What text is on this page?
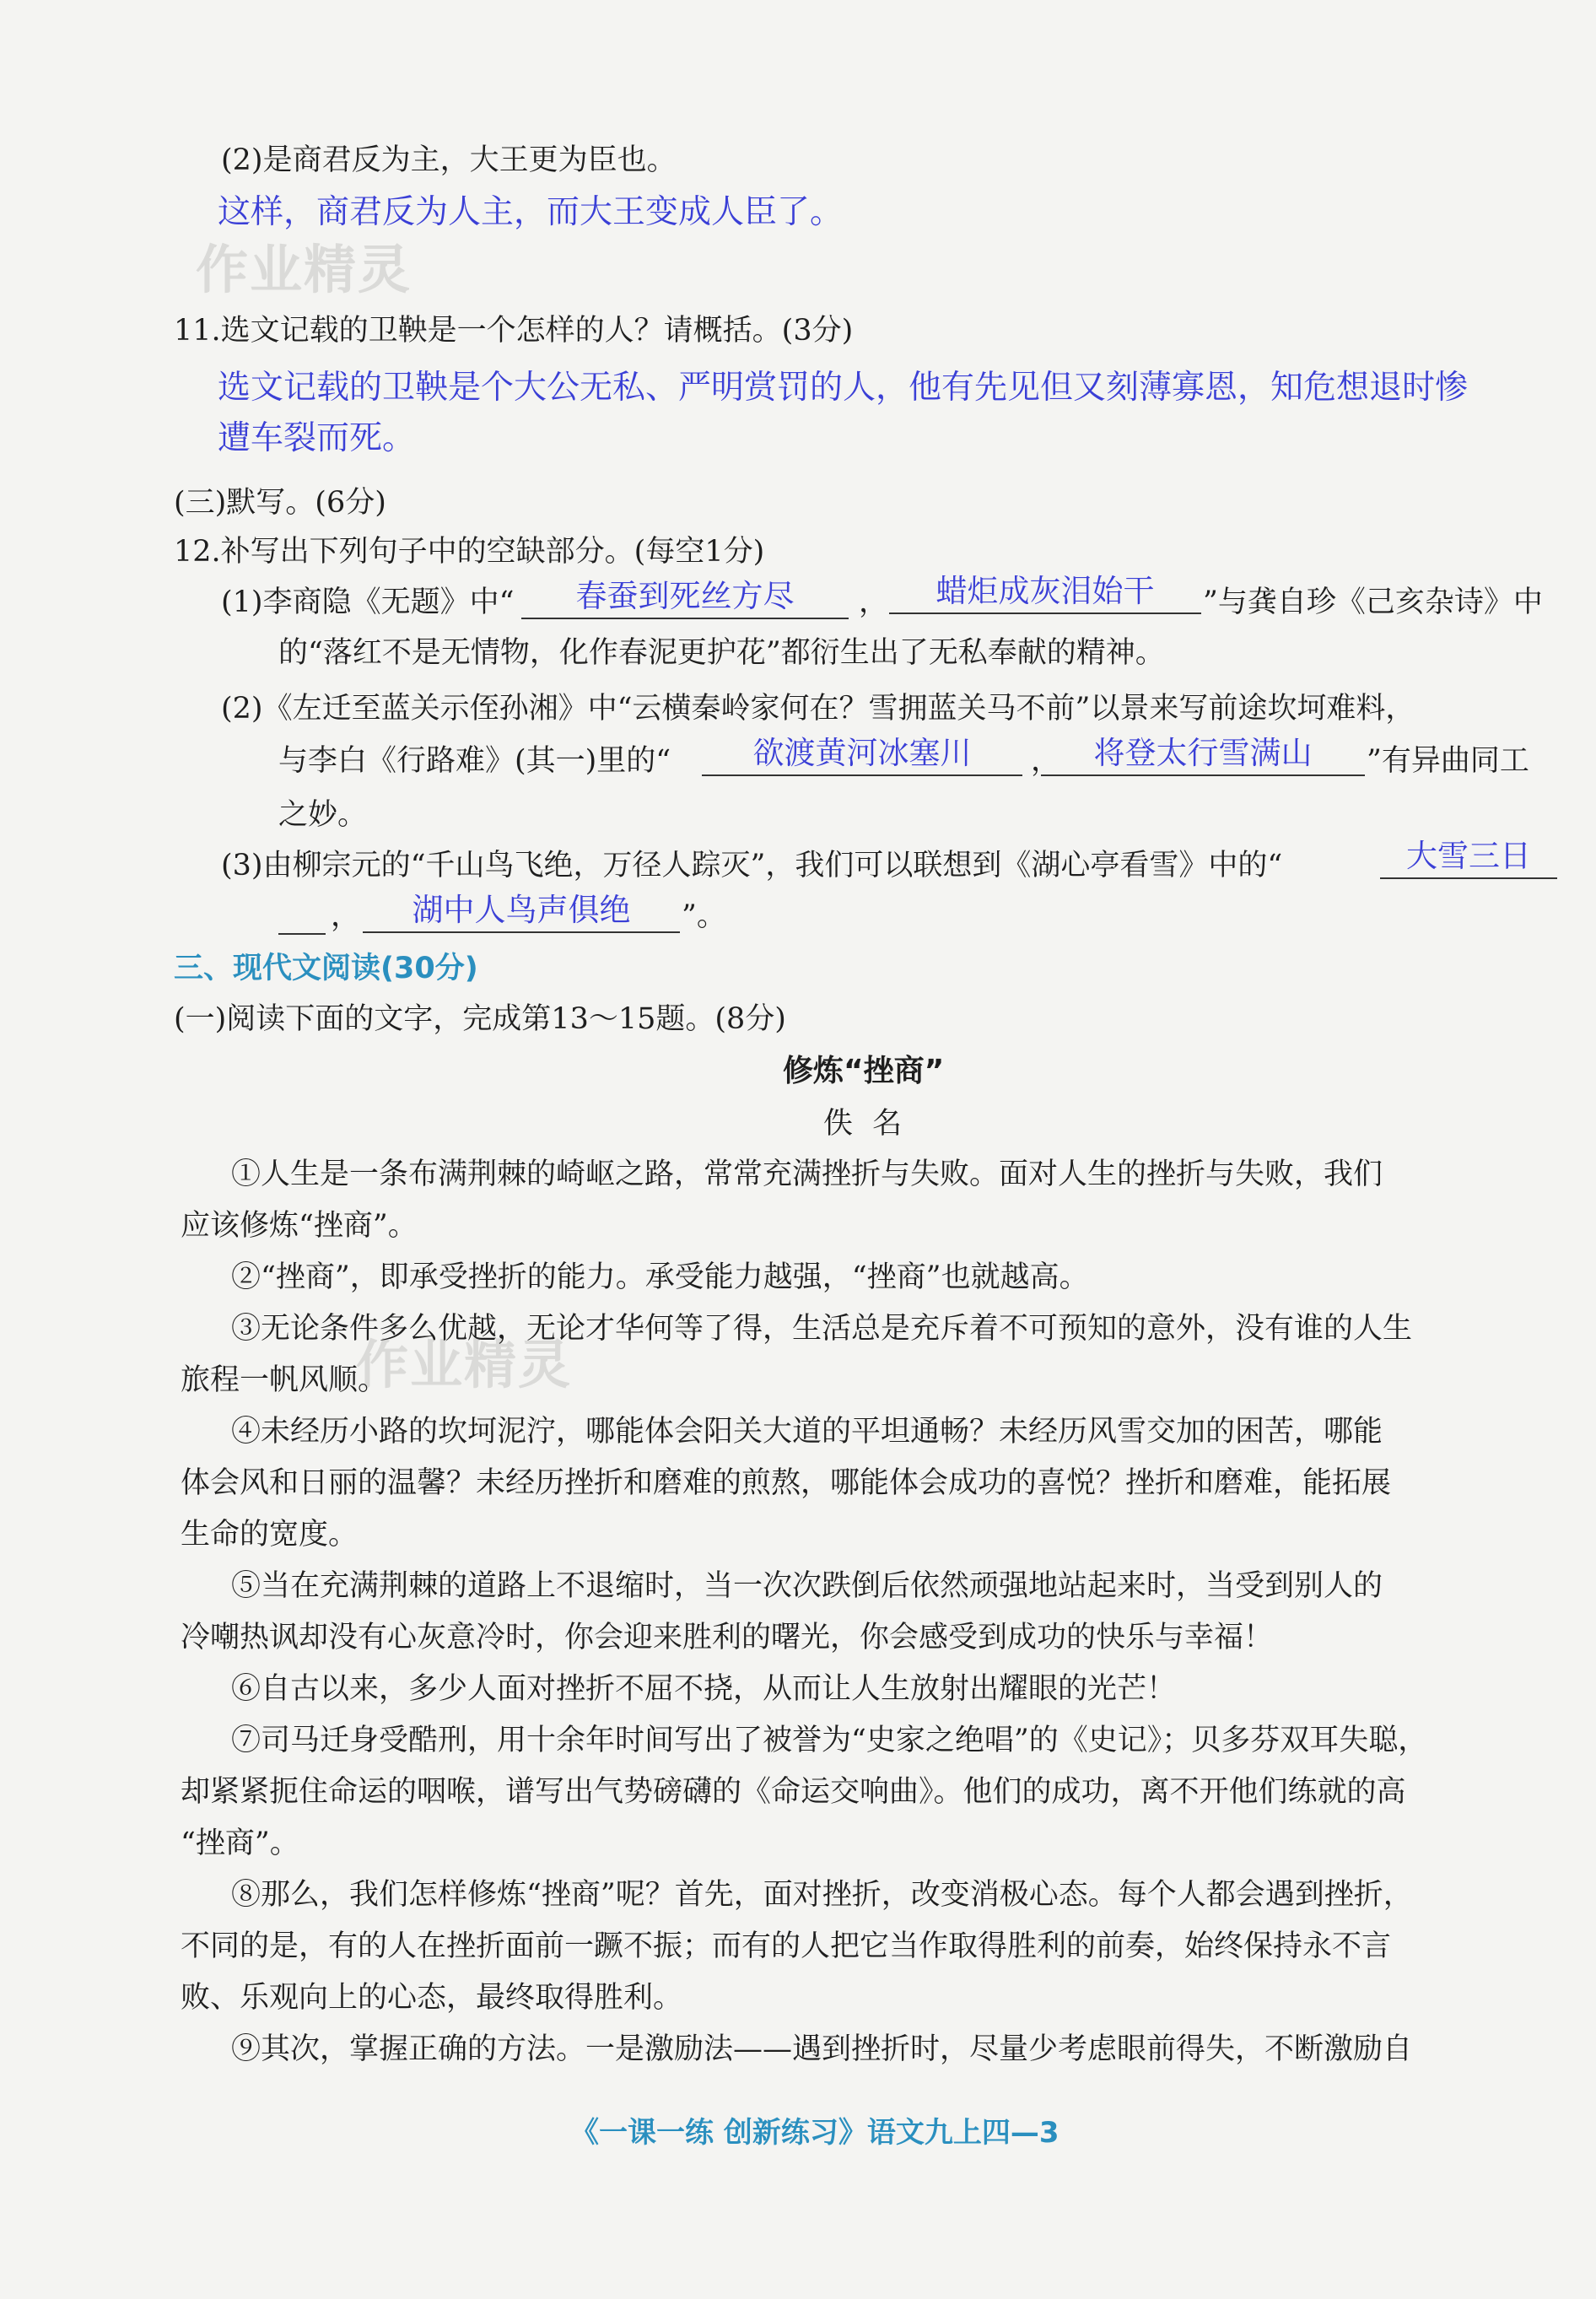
作业精灵
作业精灵
(2)是商君反为主，大王更为臣也。
这样，商君反为人主，而大王变成人臣了。
11.选文记载的卫鞅是一个怎样的人？请概括。(3分)
选文记载的卫鞅是个大公无私、严明赏罚的人，他有先见但又刻薄寡恩，知危想退时惨
遭车裂而死。
(三)默写。(6分)
12.补写出下列句子中的空缺部分。(每空1分)
(1)李商隐《无题》中“	春蚕到死丝方尽	，	蜡炬成灰泪始干	”与龚自珍《己亥杂诗》中
的“落红不是无情物，化作春泥更护花”都衍生出了无私奉献的精神。
(2)《左迁至蓝关示侄孙湘》中“云横秦岭家何在？雪拥蓝关马不前”以景来写前途坎坷难料，
与李白《行路难》(其一)里的“	欲渡黄河冰塞川	，	将登太行雪满山	”有异曲同工
之妙。
(3)由柳宗元的“千山鸟飞绝，万径人踪灭”，我们可以联想到《湖心亭看雪》中的“	大雪三日
，	湖中人鸟声俱绝	”。
三、现代文阅读(30分)
(一)阅读下面的文字，完成第13～15题。(8分)
修炼“挫商”
佚 名
①人生是一条布满荆棘的崎岖之路，常常充满挫折与失败。面对人生的挫折与失败，我们
应该修炼“挫商”。
②“挫商”，即承受挫折的能力。承受能力越强，“挫商”也就越高。
③无论条件多么优越，无论才华何等了得，生活总是充斥着不可预知的意外，没有谁的人生
旅程一帆风顺。
④未经历小路的坎坷泥泞，哪能体会阳关大道的平坦通畅？未经历风雪交加的困苦，哪能
体会风和日丽的温馨？未经历挫折和磨难的煎熬，哪能体会成功的喜悦？挫折和磨难，能拓展
生命的宽度。
⑤当在充满荆棘的道路上不退缩时，当一次次跌倒后依然顽强地站起来时，当受到别人的
冷嘲热讽却没有心灰意冷时，你会迎来胜利的曙光，你会感受到成功的快乐与幸福！
⑥自古以来，多少人面对挫折不屈不挠，从而让人生放射出耀眼的光芒！
⑦司马迁身受酷刑，用十余年时间写出了被誉为“史家之绝唱”的《史记》；贝多芬双耳失聪，
却紧紧扼住命运的咽喉，谱写出气势磅礴的《命运交响曲》。他们的成功，离不开他们练就的高
“挫商”。
⑧那么，我们怎样修炼“挫商”呢？首先，面对挫折，改变消极心态。每个人都会遇到挫折，
不同的是，有的人在挫折面前一蹶不振；而有的人把它当作取得胜利的前奏，始终保持永不言
败、乐观向上的心态，最终取得胜利。
⑨其次，掌握正确的方法。一是激励法——遇到挫折时，尽量少考虑眼前得失，不断激励自
《一课一练 创新练习》语文九上四—3
